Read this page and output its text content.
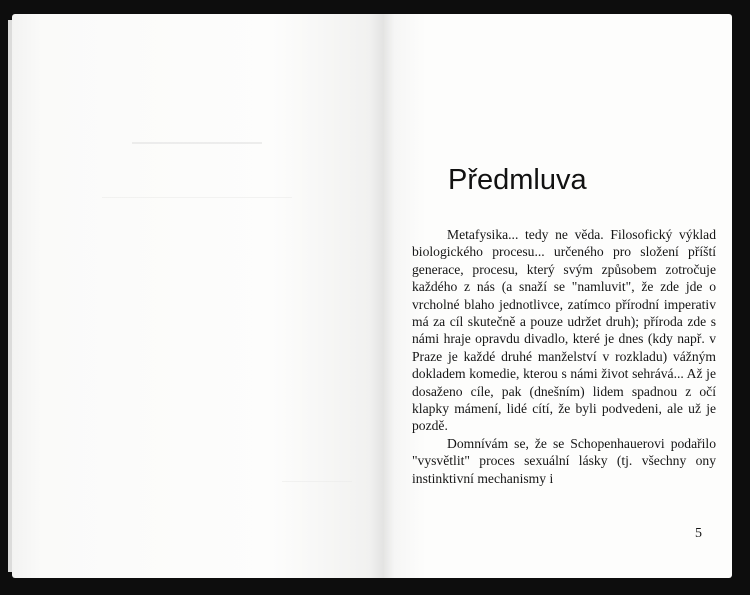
Předmluva

Metafysika... tedy ne věda. Filosofický výklad biologického procesu... určeného pro složení příští generace, procesu, který svým způsobem zotročuje každého z nás (a snaží se "namluvit", že zde jde o vrcholné blaho jednotlivce, zatímco přírodní imperativ má za cíl skutečně a pouze udržet druh); příroda zde s námi hraje opravdu divadlo, které je dnes (kdy např. v Praze je každé druhé manželství v rozkladu) vážným dokladem komedie, kterou s námi život sehrává... Až je dosaženo cíle, pak (dnešním) lidem spadnou z očí klapky mámení, lidé cítí, že byli podvedeni, ale už je pozdě.

Domnívám se, že se Schopenhauerovi podařilo "vysvětlit" proces sexuální lásky (tj. všechny ony instinktivní mechanismy i

5
